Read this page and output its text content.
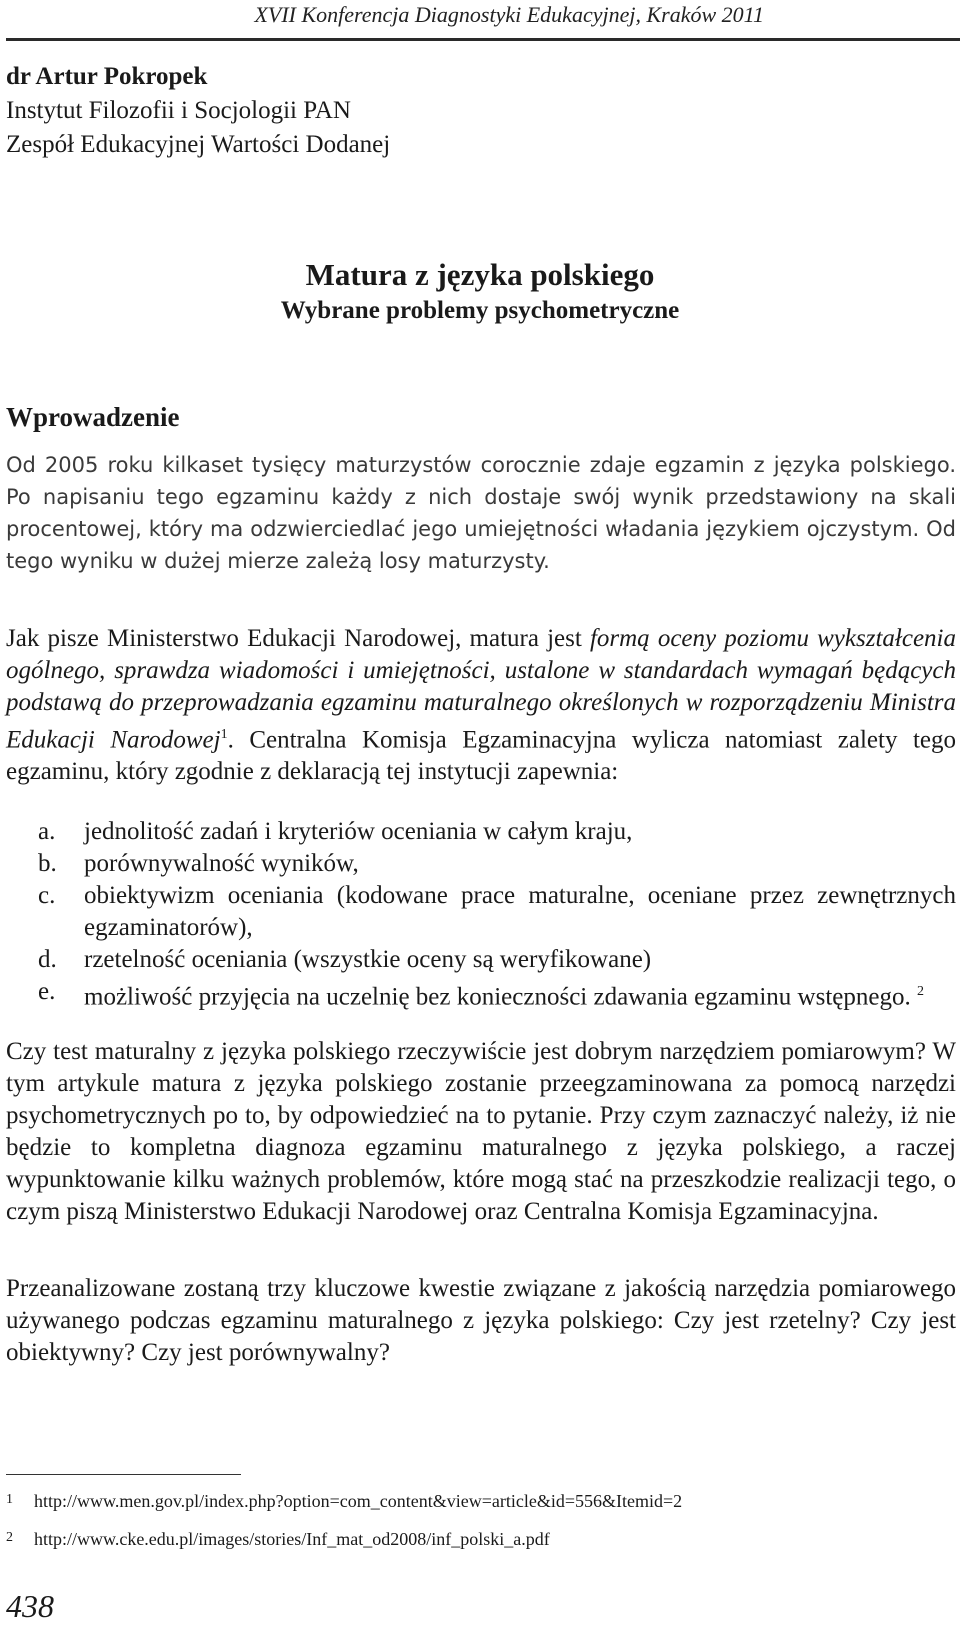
XVII Konferencja Diagnostyki Edukacyjnej, Kraków 2011
dr Artur Pokropek
Instytut Filozofii i Socjologii PAN
Zespół Edukacyjnej Wartości Dodanej
Matura z języka polskiego
Wybrane problemy psychometryczne
Wprowadzenie

Od 2005 roku kilkaset tysięcy maturzystów corocznie zdaje egzamin z języka polskiego. Po napisaniu tego egzaminu każdy z nich dostaje swój wynik przedstawiony na skali procentowej, który ma odzwierciedlać jego umiejętności władania językiem ojczystym. Od tego wyniku w dużej mierze zależą losy maturzysty.

Jak pisze Ministerstwo Edukacji Narodowej, matura jest formą oceny poziomu wykształcenia ogólnego, sprawdza wiadomości i umiejętności, ustalone w standardach wymagań będących podstawą do przeprowadzania egzaminu maturalnego określonych w rozporządzeniu Ministra Edukacji Narodowej$^1$. Centralna Komisja Egzaminacyjna wylicza natomiast zalety tego egzaminu, który zgodnie z deklaracją tej instytucji zapewnia:

a.	jednolitość zadań i kryteriów oceniania w całym kraju,
b.	porównywalność wyników,
c.	obiektywizm oceniania (kodowane prace maturalne, oceniane przez zewnętrznych egzaminatorów),
d.	rzetelność oceniania (wszystkie oceny są weryfikowane)
e.	możliwość przyjęcia na uczelnię bez konieczności zdawania egzaminu wstępnego. $^2$

Czy test maturalny z języka polskiego rzeczywiście jest dobrym narzędziem pomiarowym? W tym artykule matura z języka polskiego zostanie przeegzaminowana za pomocą narzędzi psychometrycznych po to, by odpowiedzieć na to pytanie. Przy czym zaznaczyć należy, iż nie będzie to kompletna diagnoza egzaminu maturalnego z języka polskiego, a raczej wypunktowanie kilku ważnych problemów, które mogą stać na przeszkodzie realizacji tego, o czym piszą Ministerstwo Edukacji Narodowej oraz Centralna Komisja Egzaminacyjna.

Przeanalizowane zostaną trzy kluczowe kwestie związane z jakością narzędzia pomiarowego używanego podczas egzaminu maturalnego z języka polskiego: Czy jest rzetelny? Czy jest obiektywny? Czy jest porównywalny?

1 http://www.men.gov.pl/index.php?option=com_content&view=article&id=556&Itemid=2
2 http://www.cke.edu.pl/images/stories/Inf_mat_od2008/inf_polski_a.pdf
438
